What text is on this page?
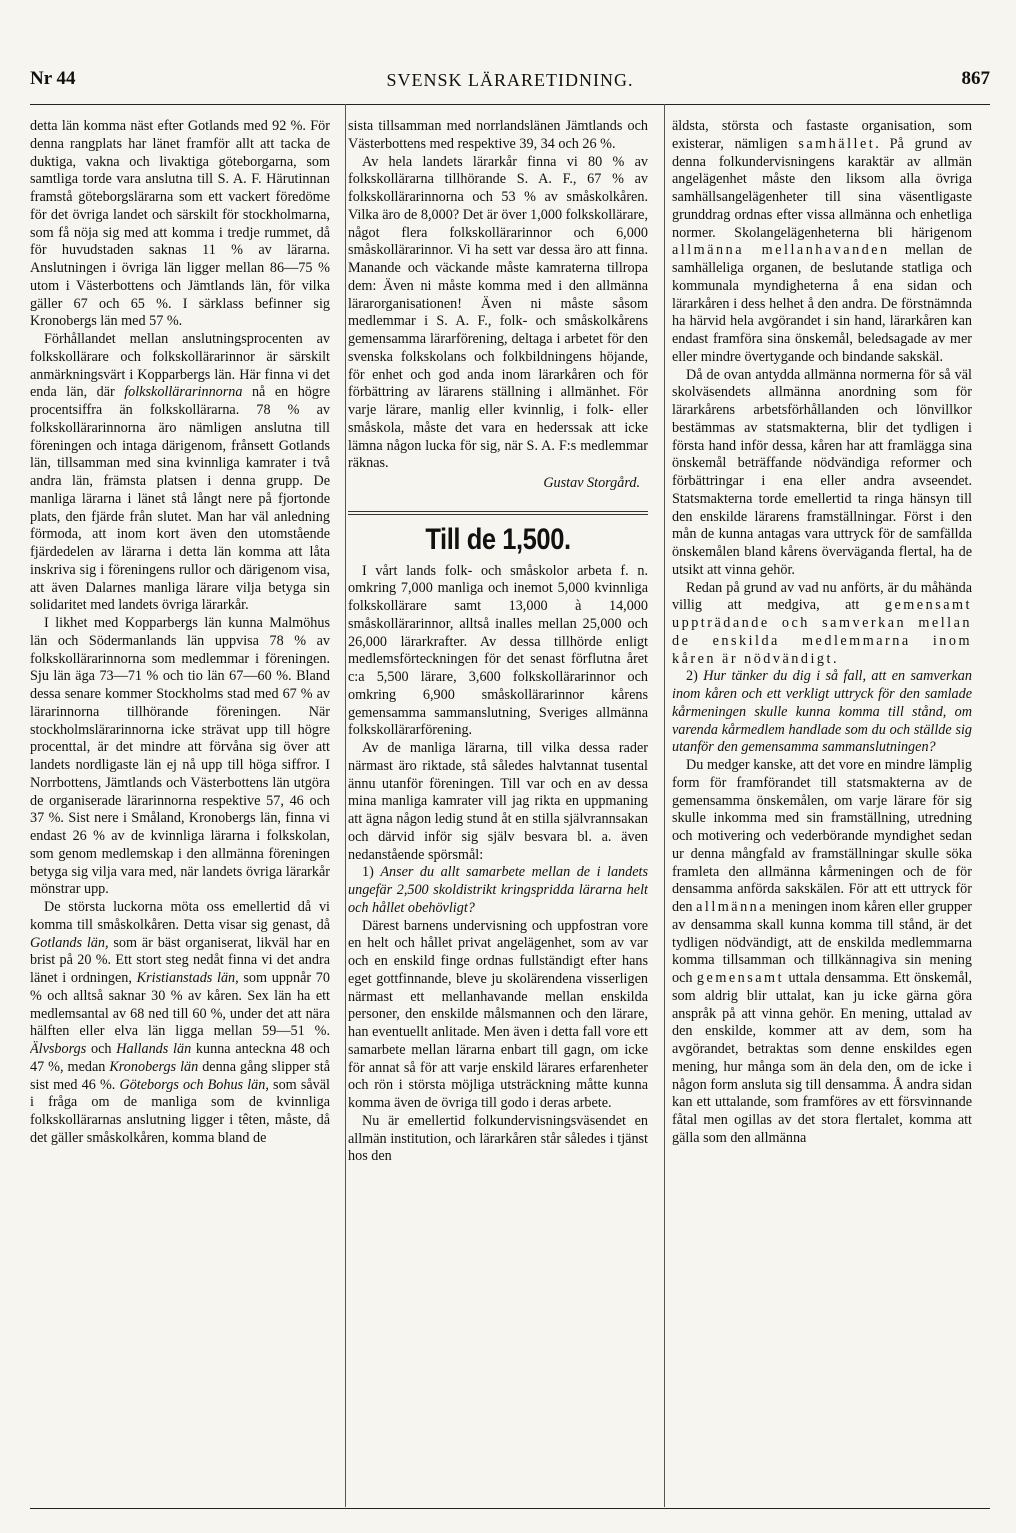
Nr 44	SVENSK LÄRARETIDNING.	867

detta län komma näst efter Gotlands med 92 %. För denna rangplats har länet framför allt att tacka de duktiga, vakna och livaktiga göteborgarna, som samtliga torde vara anslutna till S. A. F. Härutinnan framstå göteborgslärarna som ett vackert föredöme för det övriga landet och särskilt för stockholmarna, som få nöja sig med att komma i tredje rummet, då för huvudstaden saknas 11 % av lärarna. Anslutningen i övriga län ligger mellan 86—75 % utom i Västerbottens och Jämtlands län, för vilka gäller 67 och 65 %. I särklass befinner sig Kronobergs län med 57 %.

Förhållandet mellan anslutningsprocenten av folkskollärare och folkskollärarinnor är särskilt anmärkningsvärt i Kopparbergs län. Här finna vi det enda län, där folkskollärarinnorna nå en högre procentsiffra än folkskollärarna. 78 % av folkskollärarinnorna äro nämligen anslutna till föreningen och intaga därigenom, frånsett Gotlands län, tillsamman med sina kvinnliga kamrater i två andra län, främsta platsen i denna grupp. De manliga lärarna i länet stå långt nere på fjortonde plats, den fjärde från slutet. Man har väl anledning förmoda, att inom kort även den utomstående fjärdedelen av lärarna i detta län komma att låta inskriva sig i föreningens rullor och därigenom visa, att även Dalarnes manliga lärare vilja betyga sin solidaritet med landets övriga lärarkår.

I likhet med Kopparbergs län kunna Malmöhus län och Södermanlands län uppvisa 78 % av folkskollärarinnorna som medlemmar i föreningen. Sju län äga 73—71 % och tio län 67—60 %. Bland dessa senare kommer Stockholms stad med 67 % av lärarinnorna tillhörande föreningen. När stockholmslärarinnorna icke strävat upp till högre procenttal, är det mindre att förvåna sig över att landets nordligaste län ej nå upp till höga siffror. I Norrbottens, Jämtlands och Västerbottens län utgöra de organiserade lärarinnorna respektive 57, 46 och 37 %. Sist nere i Småland, Kronobergs län, finna vi endast 26 % av de kvinnliga lärarna i folkskolan, som genom medlemskap i den allmänna föreningen betyga sig vilja vara med, när landets övriga lärarkår mönstrar upp.

De största luckorna möta oss emellertid då vi komma till småskolkåren. Detta visar sig genast, då Gotlands län, som är bäst organiserat, likväl har en brist på 20 %. Ett stort steg nedåt finna vi det andra länet i ordningen, Kristianstads län, som uppnår 70 % och alltså saknar 30 % av kåren. Sex län ha ett medlemsantal av 68 ned till 60 %, under det att nära hälften eller elva län ligga mellan 59—51 %. Älvsborgs och Hallands län kunna anteckna 48 och 47 %, medan Kronobergs län denna gång slipper stå sist med 46 %. Göteborgs och Bohus län, som såväl i fråga om de manliga som de kvinnliga folkskollärarnas anslutning ligger i têten, måste, då det gäller småskolkåren, komma bland de

sista tillsamman med norrlandslänen Jämtlands och Västerbottens med respektive 39, 34 och 26 %.

Av hela landets lärarkår finna vi 80 % av folkskollärarna tillhörande S. A. F., 67 % av folkskollärarinnorna och 53 % av småskolkåren. Vilka äro de 8,000? Det är över 1,000 folkskollärare, något flera folkskollärarinnor och 6,000 småskollärarinnor. Vi ha sett var dessa äro att finna. Manande och väckande måste kamraterna tillropa dem: Även ni måste komma med i den allmänna lärarorganisationen! Även ni måste såsom medlemmar i S. A. F., folk- och småskolkårens gemensamma lärarförening, deltaga i arbetet för den svenska folkskolans och folkbildningens höjande, för enhet och god anda inom lärarkåren och för förbättring av lärarens ställning i allmänhet. För varje lärare, manlig eller kvinnlig, i folk- eller småskola, måste det vara en hederssak att icke lämna någon lucka för sig, när S. A. F:s medlemmar räknas.

Gustav Storgård.
Till de 1,500.

I vårt lands folk- och småskolor arbeta f. n. omkring 7,000 manliga och inemot 5,000 kvinnliga folkskollärare samt 13,000 à 14,000 småskollärarinnor, alltså inalles mellan 25,000 och 26,000 lärarkrafter. Av dessa tillhörde enligt medlemsförteckningen för det senast förflutna året c:a 5,500 lärare, 3,600 folkskollärarinnor och omkring 6,900 småskollärarinnor kårens gemensamma sammanslutning, Sveriges allmänna folkskollärarförening.

Av de manliga lärarna, till vilka dessa rader närmast äro riktade, stå således halvtannat tusental ännu utanför föreningen. Till var och en av dessa mina manliga kamrater vill jag rikta en uppmaning att ägna någon ledig stund åt en stilla självrannsakan och därvid inför sig själv besvara bl. a. även nedanstående spörsmål:

1) Anser du allt samarbete mellan de i landets ungefär 2,500 skoldistrikt kringspridda lärarna helt och hållet obehövligt?

Därest barnens undervisning och uppfostran vore en helt och hållet privat angelägenhet, som av var och en enskild finge ordnas fullständigt efter hans eget gottfinnande, bleve ju skolärendena visserligen närmast ett mellanhavande mellan enskilda personer, den enskilde målsmannen och den lärare, han eventuellt anlitade. Men även i detta fall vore ett samarbete mellan lärarna enbart till gagn, om icke för annat så för att varje enskild lärares erfarenheter och rön i största möjliga utsträckning måtte kunna komma även de övriga till godo i deras arbete.

Nu är emellertid folkundervisningsväsendet en allmän institution, och lärarkåren står således i tjänst hos den

äldsta, största och fastaste organisation, som existerar, nämligen samhället. På grund av denna folkundervisningens karaktär av allmän angelägenhet måste den liksom alla övriga samhällsangelägenheter till sina väsentligaste grunddrag ordnas efter vissa allmänna och enhetliga normer. Skolangelägenheterna bli härigenom allmänna mellanhavanden mellan de samhälleliga organen, de beslutande statliga och kommunala myndigheterna å ena sidan och lärarkåren i dess helhet å den andra. De förstnämnda ha härvid hela avgörandet i sin hand, lärarkåren kan endast framföra sina önskemål, beledsagade av mer eller mindre övertygande och bindande sakskäl.

Då de ovan antydda allmänna normerna för så väl skolväsendets allmänna anordning som för lärarkårens arbetsförhållanden och lönvillkor bestämmas av statsmakterna, blir det tydligen i första hand inför dessa, kåren har att framlägga sina önskemål beträffande nödvändiga reformer och förbättringar i ena eller andra avseendet. Statsmakterna torde emellertid ta ringa hänsyn till den enskilde lärarens framställningar. Först i den mån de kunna antagas vara uttryck för de samfällda önskemålen bland kårens överväganda flertal, ha de utsikt att vinna gehör.

Redan på grund av vad nu anförts, är du måhända villig att medgiva, att gemensamt uppträdande och samverkan mellan de enskilda medlemmarna inom kåren är nödvändigt.

2) Hur tänker du dig i så fall, att en samverkan inom kåren och ett verkligt uttryck för den samlade kårmeningen skulle kunna komma till stånd, om varenda kårmedlem handlade som du och ställde sig utanför den gemensamma sammanslutningen?

Du medger kanske, att det vore en mindre lämplig form för framförandet till statsmakterna av de gemensamma önskemålen, om varje lärare för sig skulle inkomma med sin framställning, utredning och motivering och vederbörande myndighet sedan ur denna mångfald av framställningar skulle söka framleta den allmänna kårmeningen och de för densamma anförda sakskälen. För att ett uttryck för den allmänna meningen inom kåren eller grupper av densamma skall kunna komma till stånd, är det tydligen nödvändigt, att de enskilda medlemmarna komma tillsamman och tillkännagiva sin mening och gemensamt uttala densamma. Ett önskemål, som aldrig blir uttalat, kan ju icke gärna göra anspråk på att vinna gehör. En mening, uttalad av den enskilde, kommer att av dem, som ha avgörandet, betraktas som denne enskildes egen mening, hur många som än dela den, om de icke i någon form ansluta sig till densamma. Å andra sidan kan ett uttalande, som framföres av ett försvinnande fåtal men ogillas av det stora flertalet, komma att gälla som den allmänna
